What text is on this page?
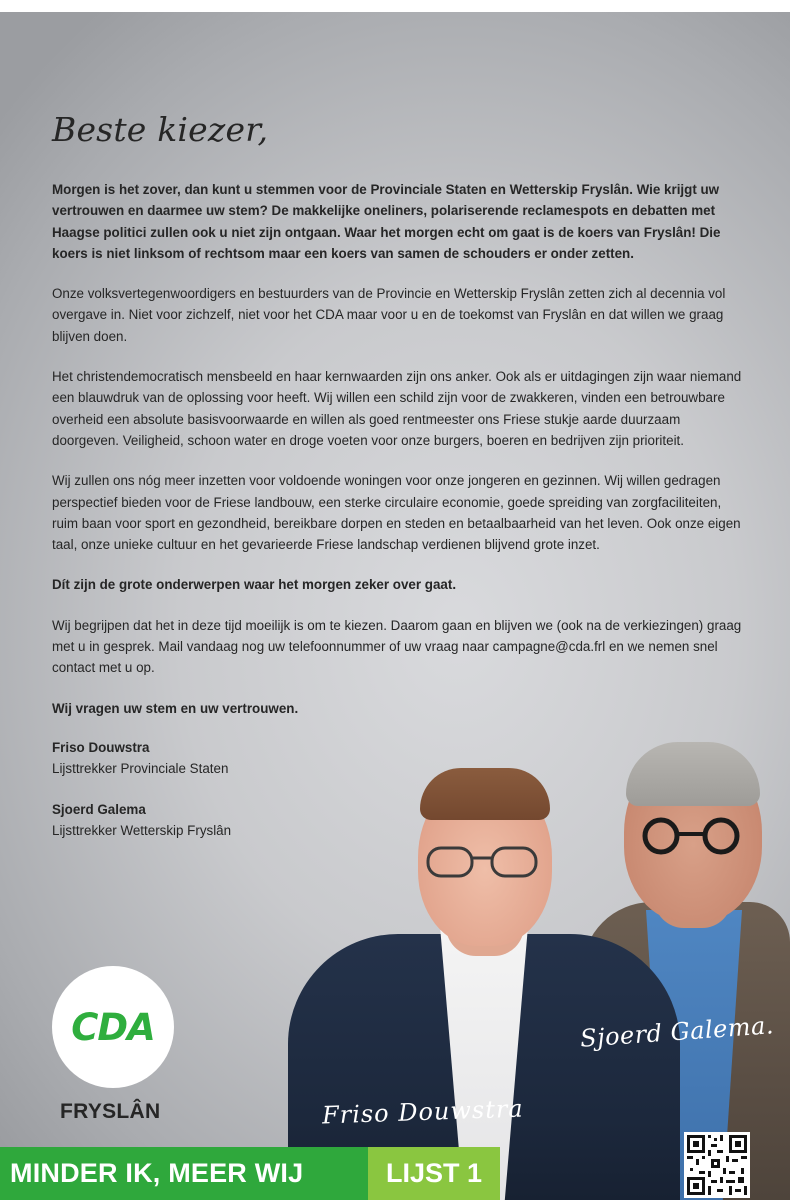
Beste kiezer,

Morgen is het zover, dan kunt u stemmen voor de Provinciale Staten en Wetterskip Fryslân. Wie krijgt uw vertrouwen en daarmee uw stem? De makkelijke oneliners, polariserende reclamespots en debatten met Haagse politici zullen ook u niet zijn ontgaan. Waar het morgen echt om gaat is de koers van Fryslân! Die koers is niet linksom of rechtsom maar een koers van samen de schouders er onder zetten.

Onze volksvertegenwoordigers en bestuurders van de Provincie en Wetterskip Fryslân zetten zich al decennia vol overgave in. Niet voor zichzelf, niet voor het CDA maar voor u en de toekomst van Fryslân en dat willen we graag blijven doen.

Het christendemocratisch mensbeeld en haar kernwaarden zijn ons anker. Ook als er uitdagingen zijn waar niemand een blauwdruk van de oplossing voor heeft. Wij willen een schild zijn voor de zwakkeren, vinden een betrouwbare overheid een absolute basisvoorwaarde en willen als goed rentmeester ons Friese stukje aarde duurzaam doorgeven. Veiligheid, schoon water en droge voeten voor onze burgers, boeren en bedrijven zijn prioriteit.

Wij zullen ons nóg meer inzetten voor voldoende woningen voor onze jongeren en gezinnen. Wij willen gedragen perspectief bieden voor de Friese landbouw, een sterke circulaire economie, goede spreiding van zorgfaciliteiten, ruim baan voor sport en gezondheid, bereikbare dorpen en steden en betaalbaarheid van het leven. Ook onze eigen taal, onze unieke cultuur en het gevarieerde Friese landschap verdienen blijvend grote inzet.

Dít zijn de grote onderwerpen waar het morgen zeker over gaat.

Wij begrijpen dat het in deze tijd moeilijk is om te kiezen. Daarom gaan en blijven we (ook na de verkiezingen) graag met u in gesprek. Mail vandaag nog uw telefoonnummer of uw vraag naar campagne@cda.frl en we nemen snel contact met u op.

Wij vragen uw stem en uw vertrouwen.

Friso Douwstra
Lijsttrekker Provinciale Staten
Sjoerd Galema
Lijsttrekker Wetterskip Fryslân

Sjoerd Galema.

Friso Douwstra

CDA

FRYSLÂN

MINDER IK, MEER WIJ	LIJST 1
